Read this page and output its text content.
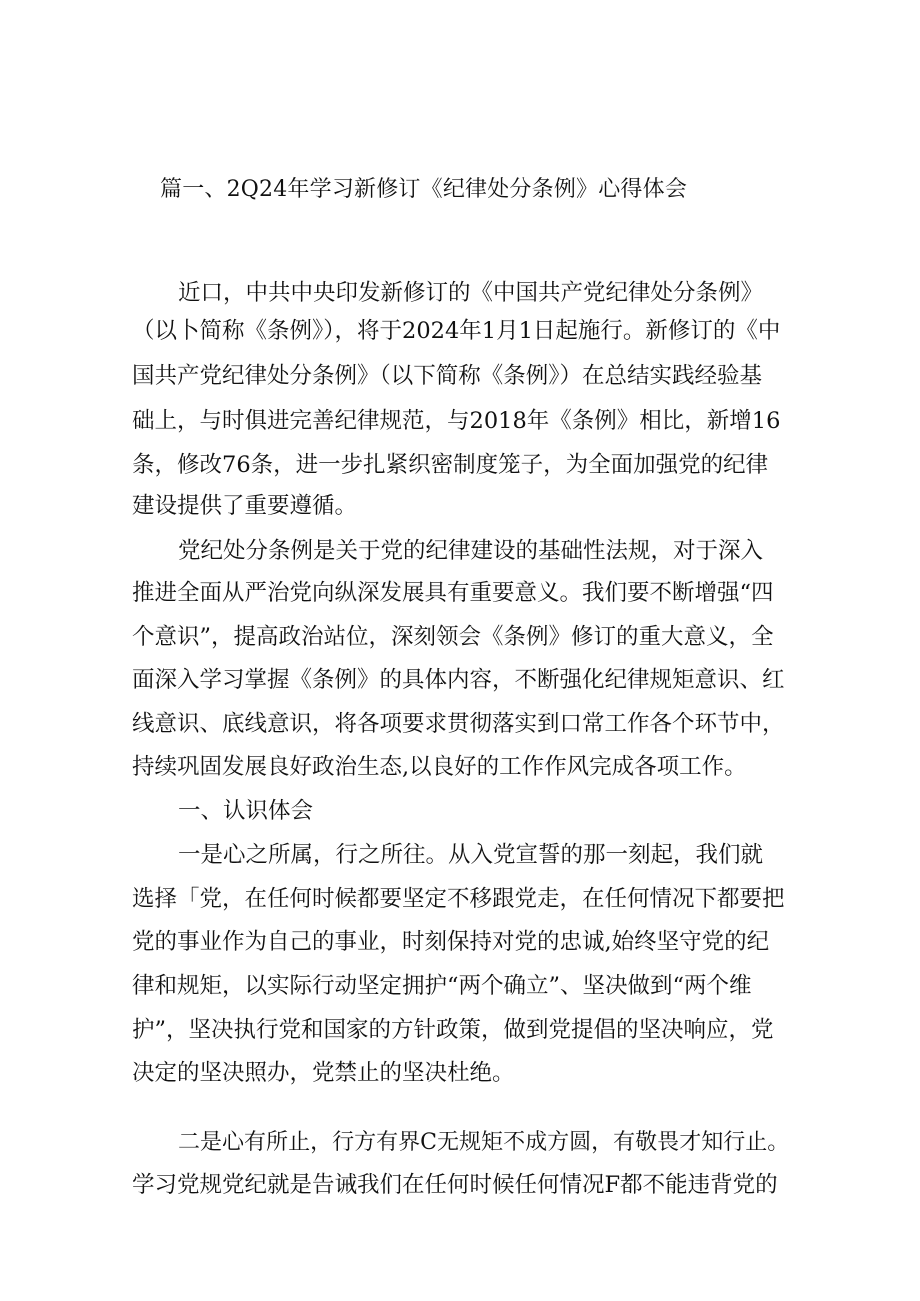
篇一、2Q24年学习新修订《纪律处分条例》心得体会
近口，中共中央印发新修订的《中国共产党纪律处分条例》
（以卜简称《条例》），将于2024年1月1日起施行。新修订的《中
国共产党纪律处分条例》（以下简称《条例》）在总结实践经验基
础上，与时俱进完善纪律规范，与2018年《条例》相比，新增16
条，修改76条，进一步扎紧织密制度笼子，为全面加强党的纪律
建设提供了重要遵循。
党纪处分条例是关于党的纪律建设的基础性法规，对于深入
推进全面从严治党向纵深发展具有重要意义。我们要不断增强“四
个意识”，提高政治站位，深刻领会《条例》修订的重大意义，全
面深入学习掌握《条例》的具体内容，不断强化纪律规矩意识、红
线意识、底线意识，将各项要求贯彻落实到口常工作各个环节中，
持续巩固发展良好政治生态,以良好的工作作风完成各项工作。
一、认识体会
一是心之所属，行之所往。从入党宣誓的那一刻起，我们就
选择「党，在任何时候都要坚定不移跟党走，在任何情况下都要把
党的事业作为自己的事业，时刻保持对党的忠诚,始终坚守党的纪
律和规矩，以实际行动坚定拥护“两个确立”、坚决做到“两个维
护”，坚决执行党和国家的方针政策，做到党提倡的坚决响应，党
决定的坚决照办，党禁止的坚决杜绝。
二是心有所止，行方有界C无规矩不成方圆，有敬畏才知行止。
学习党规党纪就是告诫我们在任何时候任何情况F都不能违背党的
